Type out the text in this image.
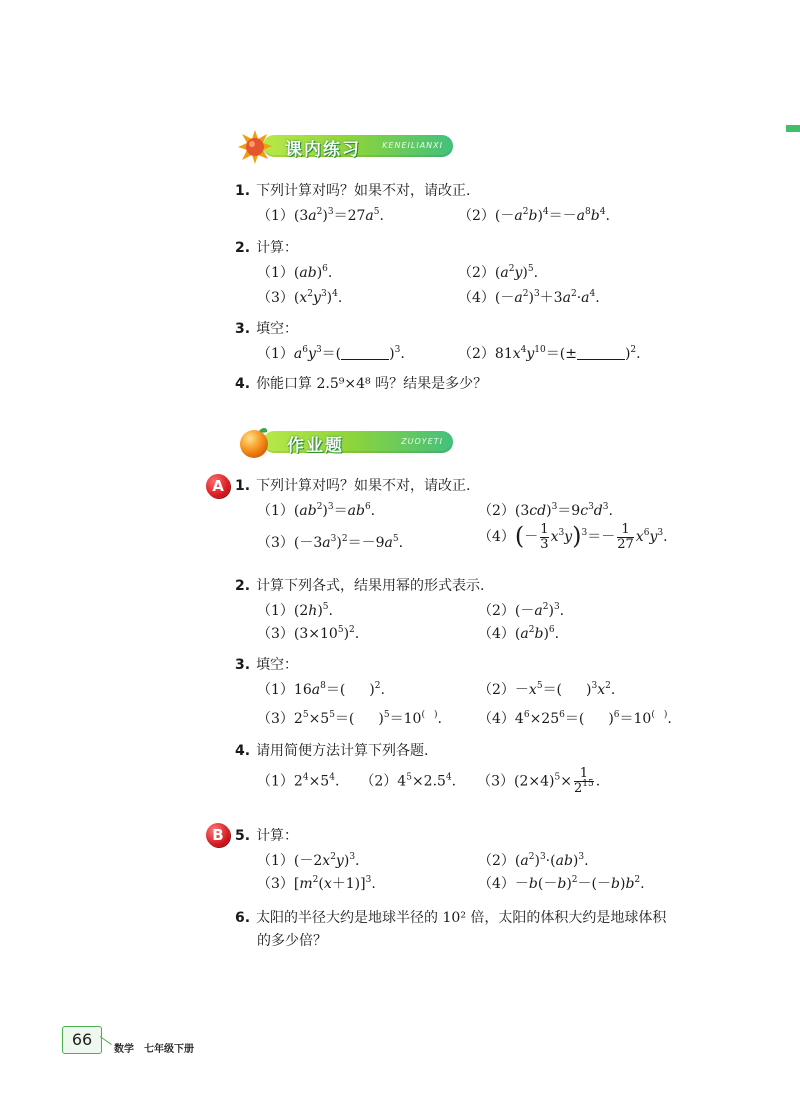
课内练习	KENEILIANXI
1. 下列计算对吗？如果不对，请改正.
$(1)(3a^2)^3=27a^5$.	$(2)(-a^2b)^4=-a^8b^4$.
2. 计算：
（1）(ab)$^6$.	$(2)(a^2y)^5$.
$(3)(x^2y^3)^4$.	$(4)(-a^2)^3+3a^2\cdot a^4$.
3. 填空：
$(1)a^6y^3=$(	)$^3$.	$(2)81x^4y^{10}=(\pm$	)$^2$.
4. 你能口算 2.5⁹×4⁸ 吗？结果是多少？
作业题	ZUOYETI
A 1. 下列计算对吗？如果不对，请改正.
$(1)(ab^2)^3=ab^6$.	$(2)(3cd)^3=9c^3d^3$.
$(3)(-3a^3)^2=-9a^5$.	$(4)(- \frac{1}{3} x^3y)^3=- \frac{1}{27} x^6y^3$.
2. 计算下列各式，结果用幂的形式表示.
$(1)(2h)^5$.	$(2)(-a^2)^3$.
$(3)(3\times 10^5)^2$.	$(4)(a^2b)^6$.
3. 填空：
$(1)16a^8=$( )$^2$.	$(2)-x^5=$( )$^3x^2$.
$(3)2^5\times 5^5=$( )$^5$＝10(　).	$(4)4^6\times 25^6=$( )$^6$＝10(　).
4. 请用简便方法计算下列各题.
$(1)2^4\times 5^4$.　　$(2)4^5\times 2.5^4$.　　$(3)(2\times 4)^5\times \frac{1}{2^{15}}$ .
B 5. 计算：
$(1)(-2x^2y)^3$.	$(2)(a^2)^3\cdot(ab)^3$.
$(3)[m^2(x+1)]^3$.	$(4)-b(-b)^2-(-b)b^2$.
6. 太阳的半径大约是地球半径的 10² 倍，太阳的体积大约是地球体积
的多少倍？
66
数学　七年级下册
